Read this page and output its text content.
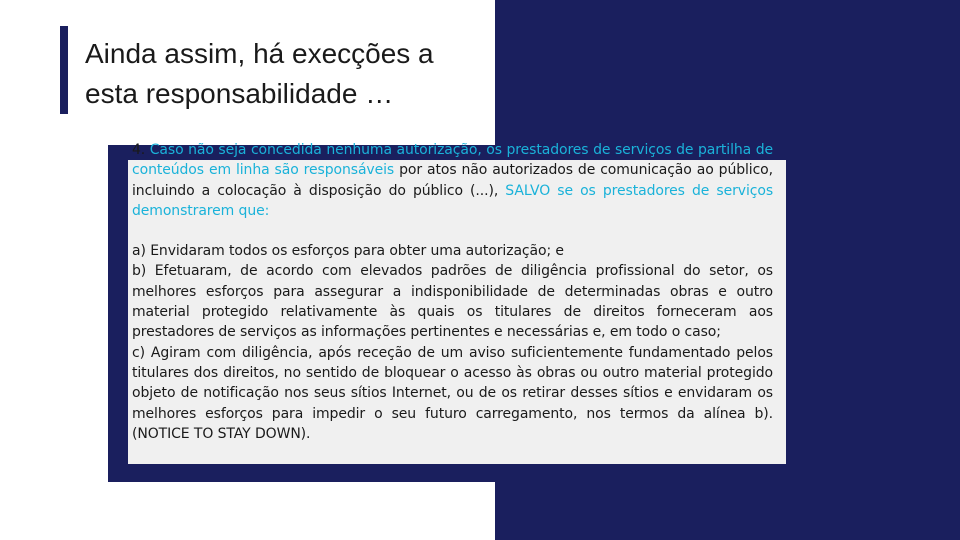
Ainda assim, há execções a
esta responsabilidade …

4. Caso não seja concedida nenhuma autorização, os prestadores de serviços de partilha de conteúdos em linha são responsáveis por atos não autorizados de comunicação ao público, incluindo a colocação à disposição do público (...), SALVO se os prestadores de serviços demonstrarem que:

a) Envidaram todos os esforços para obter uma autorização; e

b) Efetuaram, de acordo com elevados padrões de diligência profissional do setor, os melhores esforços para assegurar a indisponibilidade de determinadas obras e outro material protegido relativamente às quais os titulares de direitos forneceram aos prestadores de serviços as informações pertinentes e necessárias e, em todo o caso;

c) Agiram com diligência, após receção de um aviso suficientemente fundamentado pelos titulares dos direitos, no sentido de bloquear o acesso às obras ou outro material protegido objeto de notificação nos seus sítios Internet, ou de os retirar desses sítios e envidaram os melhores esforços para impedir o seu futuro carregamento, nos termos da alínea b). (NOTICE TO STAY DOWN).
